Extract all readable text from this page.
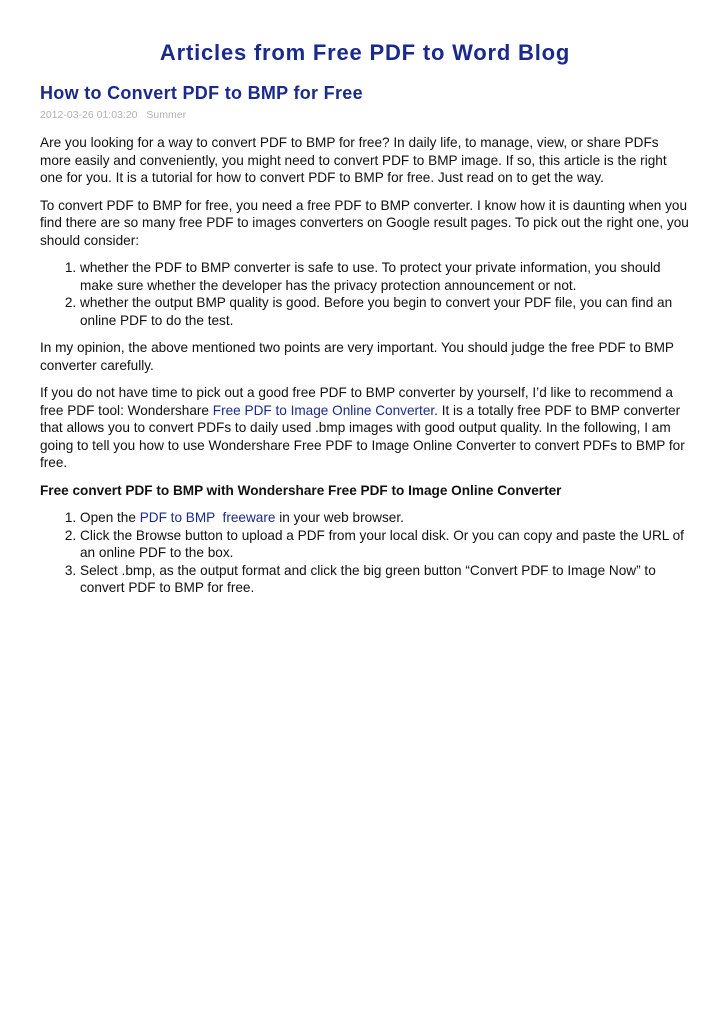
Articles from Free PDF to Word Blog
How to Convert PDF to BMP for Free
2012-03-26 01:03:20 Summer

Are you looking for a way to convert PDF to BMP for free? In daily life, to manage, view, or share PDFs more easily and conveniently, you might need to convert PDF to BMP image. If so, this article is the right one for you. It is a tutorial for how to convert PDF to BMP for free. Just read on to get the way.

To convert PDF to BMP for free, you need a free PDF to BMP converter. I know how it is daunting when you find there are so many free PDF to images converters on Google result pages. To pick out the right one, you should consider:

1. whether the PDF to BMP converter is safe to use. To protect your private information, you should make sure whether the developer has the privacy protection announcement or not.
2. whether the output BMP quality is good. Before you begin to convert your PDF file, you can find an online PDF to do the test.

In my opinion, the above mentioned two points are very important. You should judge the free PDF to BMP converter carefully.

If you do not have time to pick out a good free PDF to BMP converter by yourself, I’d like to recommend a free PDF tool: Wondershare Free PDF to Image Online Converter. It is a totally free PDF to BMP converter that allows you to convert PDFs to daily used .bmp images with good output quality. In the following, I am going to tell you how to use Wondershare Free PDF to Image Online Converter to convert PDFs to BMP for free.

Free convert PDF to BMP with Wondershare Free PDF to Image Online Converter
1. Open the PDF to BMP  freeware in your web browser.
2. Click the Browse button to upload a PDF from your local disk. Or you can copy and paste the URL of an online PDF to the box.
3. Select .bmp, as the output format and click the big green button “Convert PDF to Image Now” to convert PDF to BMP for free.
